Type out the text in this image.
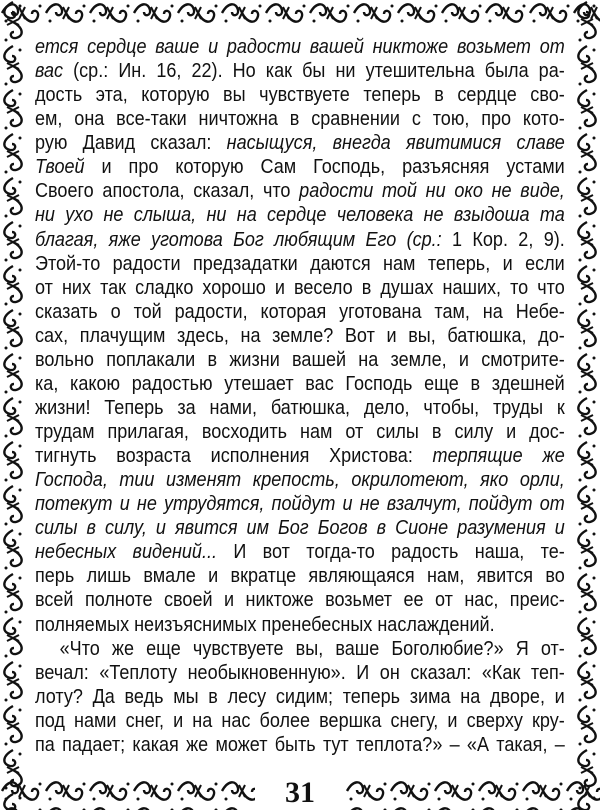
ется сердце ваше и радости вашей никтоже возьмет от
вас (ср.: Ин. 16, 22). Но как бы ни утешительна была ра-
дость эта, которую вы чувствуете теперь в сердце сво-
ем, она все-таки ничтожна в сравнении с тою, про кото-
рую Давид сказал: насыщуся, внегда явитимися славе
Твоей и про которую Сам Господь, разъясняя устами
Своего апостола, сказал, что радости той ни око не виде,
ни ухо не слыша, ни на сердце человека не взыдоша та
благая, яже уготова Бог любящим Его (ср.: 1 Кор. 2, 9).
Этой-то радости предзадатки даются нам теперь, и если
от них так сладко хорошо и весело в душах наших, то что
сказать о той радости, которая уготована там, на Небе-
сах, плачущим здесь, на земле? Вот и вы, батюшка, до-
вольно поплакали в жизни вашей на земле, и смотрите-
ка, какою радостью утешает вас Господь еще в здешней
жизни! Теперь за нами, батюшка, дело, чтобы, труды к
трудам прилагая, восходить нам от силы в силу и дос-
тигнуть возраста исполнения Христова: терпящие же
Господа, тии изменят крепость, окрилотеют, яко орли,
потекут и не утрудятся, пойдут и не взалчут, пойдут от
силы в силу, и явится им Бог Богов в Сионе разумения и
небесных видений... И вот тогда-то радость наша, те-
перь лишь вмале и вкратце являющаяся нам, явится во
всей полноте своей и никтоже возьмет ее от нас, преис-
полняемых неизъяснимых пренебесных наслаждений.
«Что же еще чувствуете вы, ваше Боголюбие?» Я от-
вечал: «Теплоту необыкновенную». И он сказал: «Как теп-
лоту? Да ведь мы в лесу сидим; теперь зима на дворе, и
под нами снег, и на нас более вершка снегу, и сверху кру-
па падает; какая же может быть тут теплота?» – «А такая, –
31
